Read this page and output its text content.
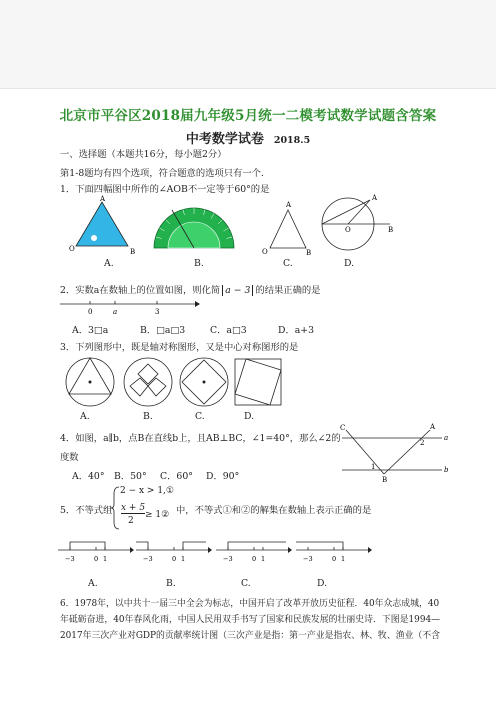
北京市平谷区2018届九年级5月统一二模考试数学试题含答案
中考数学试卷 2018.5
一、选择题（本题共16分，每小题2分）
第1-8题均有四个选项，符合题意的选项只有一个.
1．下面四幅图中所作的∠AOB不一定等于60°的是
A
O	B
A
O	B
A
O	B
A.	B.	C.	D.
2．实数a在数轴上的位置如图，则化简 a − 3 的结果正确的是
0	a	3
A．3□a	B．□a□3	C．a□3	D．a+3
3．下列图形中，既是轴对称图形，又是中心对称图形的是
A.	B.	C.	D.
4．如图，a∥b，点B在直线b上，且AB⊥BC，∠1=40°，那么∠2的
度数
A．40° B．50° C．60° D．90°
C	A
a
b
B
1
2
5．不等式组
2 − x > 1,①
x + 5
2
≥ 1② 中，不等式①和②的解集在数轴上表示正确的是
−3	0 1	−3	0 1	−3	0 1	−3	0 1
A.	B.	C.	D.
6．1978年，以中共十一届三中全会为标志，中国开启了改革开放历史征程．40年众志成城，40
年砥砺奋进，40年春风化雨，中国人民用双手书写了国家和民族发展的壮丽史诗．下图是1994—
2017年三次产业对GDP的贡献率统计图（三次产业是指：第一产业是指农、林、牧、渔业（不含
